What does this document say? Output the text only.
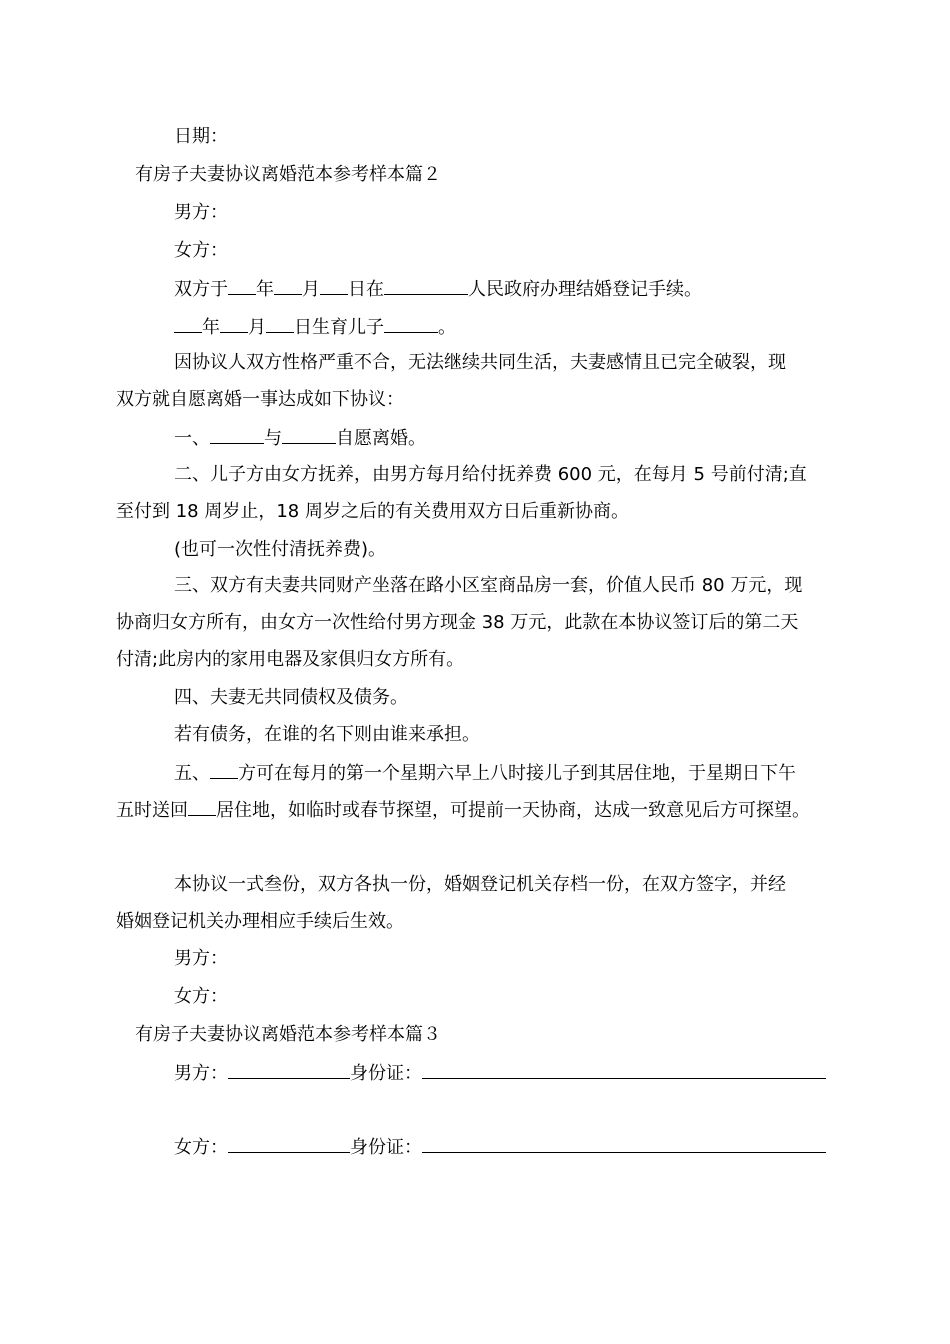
日期：
有房子夫妻协议离婚范本参考样本篇２
男方：
女方：
双方于 年 月 日在	人民政府办理结婚登记手续。
年 月 日生育儿子	。
因协议人双方性格严重不合，无法继续共同生活，夫妻感情且已完全破裂，现
双方就自愿离婚一事达成如下协议：
一、	与	自愿离婚。
二、儿子方由女方抚养，由男方每月给付抚养费 600 元，在每月 5 号前付清;直
至付到 18 周岁止，18 周岁之后的有关费用双方日后重新协商。
(也可一次性付清抚养费)。
三、双方有夫妻共同财产坐落在路小区室商品房一套，价值人民币 80 万元，现
协商归女方所有，由女方一次性给付男方现金 38 万元，此款在本协议签订后的第二天
付清;此房内的家用电器及家俱归女方所有。
四、夫妻无共同债权及债务。
若有债务，在谁的名下则由谁来承担。
五、 方可在每月的第一个星期六早上八时接儿子到其居住地，于星期日下午
五时送回 居住地，如临时或春节探望，可提前一天协商，达成一致意见后方可探望。
本协议一式叁份，双方各执一份，婚姻登记机关存档一份，在双方签字，并经
婚姻登记机关办理相应手续后生效。
男方：
女方：
有房子夫妻协议离婚范本参考样本篇３
男方：	身份证：
女方：	身份证：
